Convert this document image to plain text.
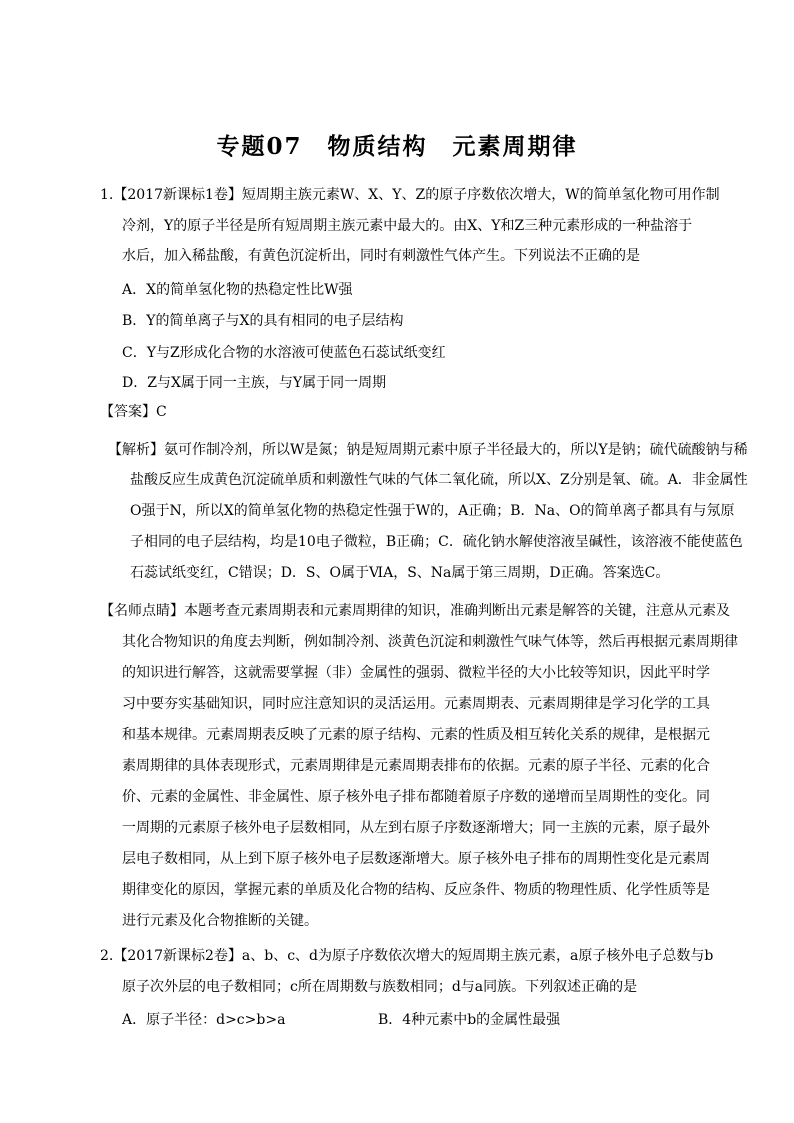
专题07　物质结构　元素周期律
1.【2017新课标1卷】短周期主族元素W、X、Y、Z的原子序数依次增大，W的简单氢化物可用作制
冷剂，Y的原子半径是所有短周期主族元素中最大的。由X、Y和Z三种元素形成的一种盐溶于
水后，加入稀盐酸，有黄色沉淀析出，同时有刺激性气体产生。下列说法不正确的是
A．X的简单氢化物的热稳定性比W强
B．Y的简单离子与X的具有相同的电子层结构
C．Y与Z形成化合物的水溶液可使蓝色石蕊试纸变红
D．Z与X属于同一主族，与Y属于同一周期
【答案】C
【解析】氨可作制冷剂，所以W是氮；钠是短周期元素中原子半径最大的，所以Y是钠；硫代硫酸钠与稀
盐酸反应生成黄色沉淀硫单质和刺激性气味的气体二氧化硫，所以X、Z分别是氧、硫。A．非金属性
O强于N，所以X的简单氢化物的热稳定性强于W的，A正确；B．Na、O的简单离子都具有与氖原
子相同的电子层结构，均是10电子微粒，B正确；C．硫化钠水解使溶液呈碱性，该溶液不能使蓝色
石蕊试纸变红，C错误；D．S、O属于ⅥA，S、Na属于第三周期，D正确。答案选C。
【名师点睛】本题考查元素周期表和元素周期律的知识，准确判断出元素是解答的关键，注意从元素及
其化合物知识的角度去判断，例如制冷剂、淡黄色沉淀和刺激性气味气体等，然后再根据元素周期律
的知识进行解答，这就需要掌握（非）金属性的强弱、微粒半径的大小比较等知识，因此平时学
习中要夯实基础知识，同时应注意知识的灵活运用。元素周期表、元素周期律是学习化学的工具
和基本规律。元素周期表反映了元素的原子结构、元素的性质及相互转化关系的规律，是根据元
素周期律的具体表现形式，元素周期律是元素周期表排布的依据。元素的原子半径、元素的化合
价、元素的金属性、非金属性、原子核外电子排布都随着原子序数的递增而呈周期性的变化。同
一周期的元素原子核外电子层数相同，从左到右原子序数逐渐增大；同一主族的元素，原子最外
层电子数相同，从上到下原子核外电子层数逐渐增大。原子核外电子排布的周期性变化是元素周
期律变化的原因，掌握元素的单质及化合物的结构、反应条件、物质的物理性质、化学性质等是
进行元素及化合物推断的关键。
2.【2017新课标2卷】a、b、c、d为原子序数依次增大的短周期主族元素，a原子核外电子总数与b
原子次外层的电子数相同；c所在周期数与族数相同；d与a同族。下列叙述正确的是
A．原子半径：d>c>b>a	B．4种元素中b的金属性最强
